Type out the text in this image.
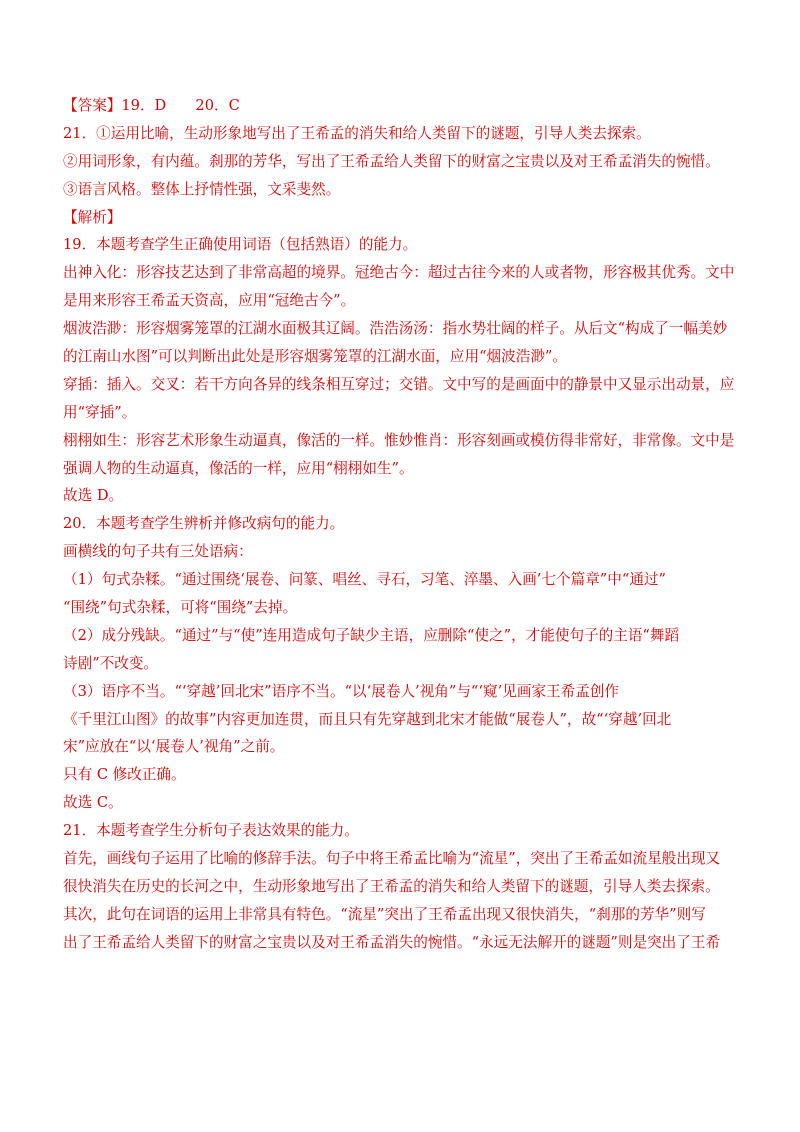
【答案】19．D　　20．C
21．①运用比喻，生动形象地写出了王希孟的消失和给人类留下的谜题，引导人类去探索。
②用词形象，有内蕴。刹那的芳华，写出了王希孟给人类留下的财富之宝贵以及对王希孟消失的惋惜。
③语言风格。整体上抒情性强，文采斐然。
【解析】
19．本题考查学生正确使用词语（包括熟语）的能力。
出神入化：形容技艺达到了非常高超的境界。冠绝古今：超过古往今来的人或者物，形容极其优秀。文中
是用来形容王希孟天资高，应用“冠绝古今”。
烟波浩渺：形容烟雾笼罩的江湖水面极其辽阔。浩浩汤汤：指水势壮阔的样子。从后文“构成了一幅美妙
的江南山水图”可以判断出此处是形容烟雾笼罩的江湖水面，应用“烟波浩渺”。
穿插：插入。交叉：若干方向各异的线条相互穿过；交错。文中写的是画面中的静景中又显示出动景，应
用“穿插”。
栩栩如生：形容艺术形象生动逼真，像活的一样。惟妙惟肖：形容刻画或模仿得非常好，非常像。文中是
强调人物的生动逼真，像活的一样，应用“栩栩如生”。
故选 D。
20．本题考查学生辨析并修改病句的能力。
画横线的句子共有三处语病：
（1）句式杂糅。“通过围绕‘展卷、问篆、唱丝、寻石，习笔、淬墨、入画’七个篇章”中“通过”
“围绕”句式杂糅，可将“围绕”去掉。
（2）成分残缺。“通过”与“使”连用造成句子缺少主语，应删除“使之”，才能使句子的主语“舞蹈
诗剧”不改变。
（3）语序不当。“‘穿越’回北宋”语序不当。“以‘展卷人’视角”与“‘窥’见画家王希孟创作
《千里江山图》的故事”内容更加连贯，而且只有先穿越到北宋才能做“展卷人”，故“‘穿越’回北
宋”应放在“以‘展卷人’视角”之前。
只有 C 修改正确。
故选 C。
21．本题考查学生分析句子表达效果的能力。
首先，画线句子运用了比喻的修辞手法。句子中将王希孟比喻为“流星”，突出了王希孟如流星般出现又
很快消失在历史的长河之中，生动形象地写出了王希孟的消失和给人类留下的谜题，引导人类去探索。
其次，此句在词语的运用上非常具有特色。“流星”突出了王希孟出现又很快消失，“刹那的芳华”则写
出了王希孟给人类留下的财富之宝贵以及对王希孟消失的惋惜。“永远无法解开的谜题”则是突出了王希
